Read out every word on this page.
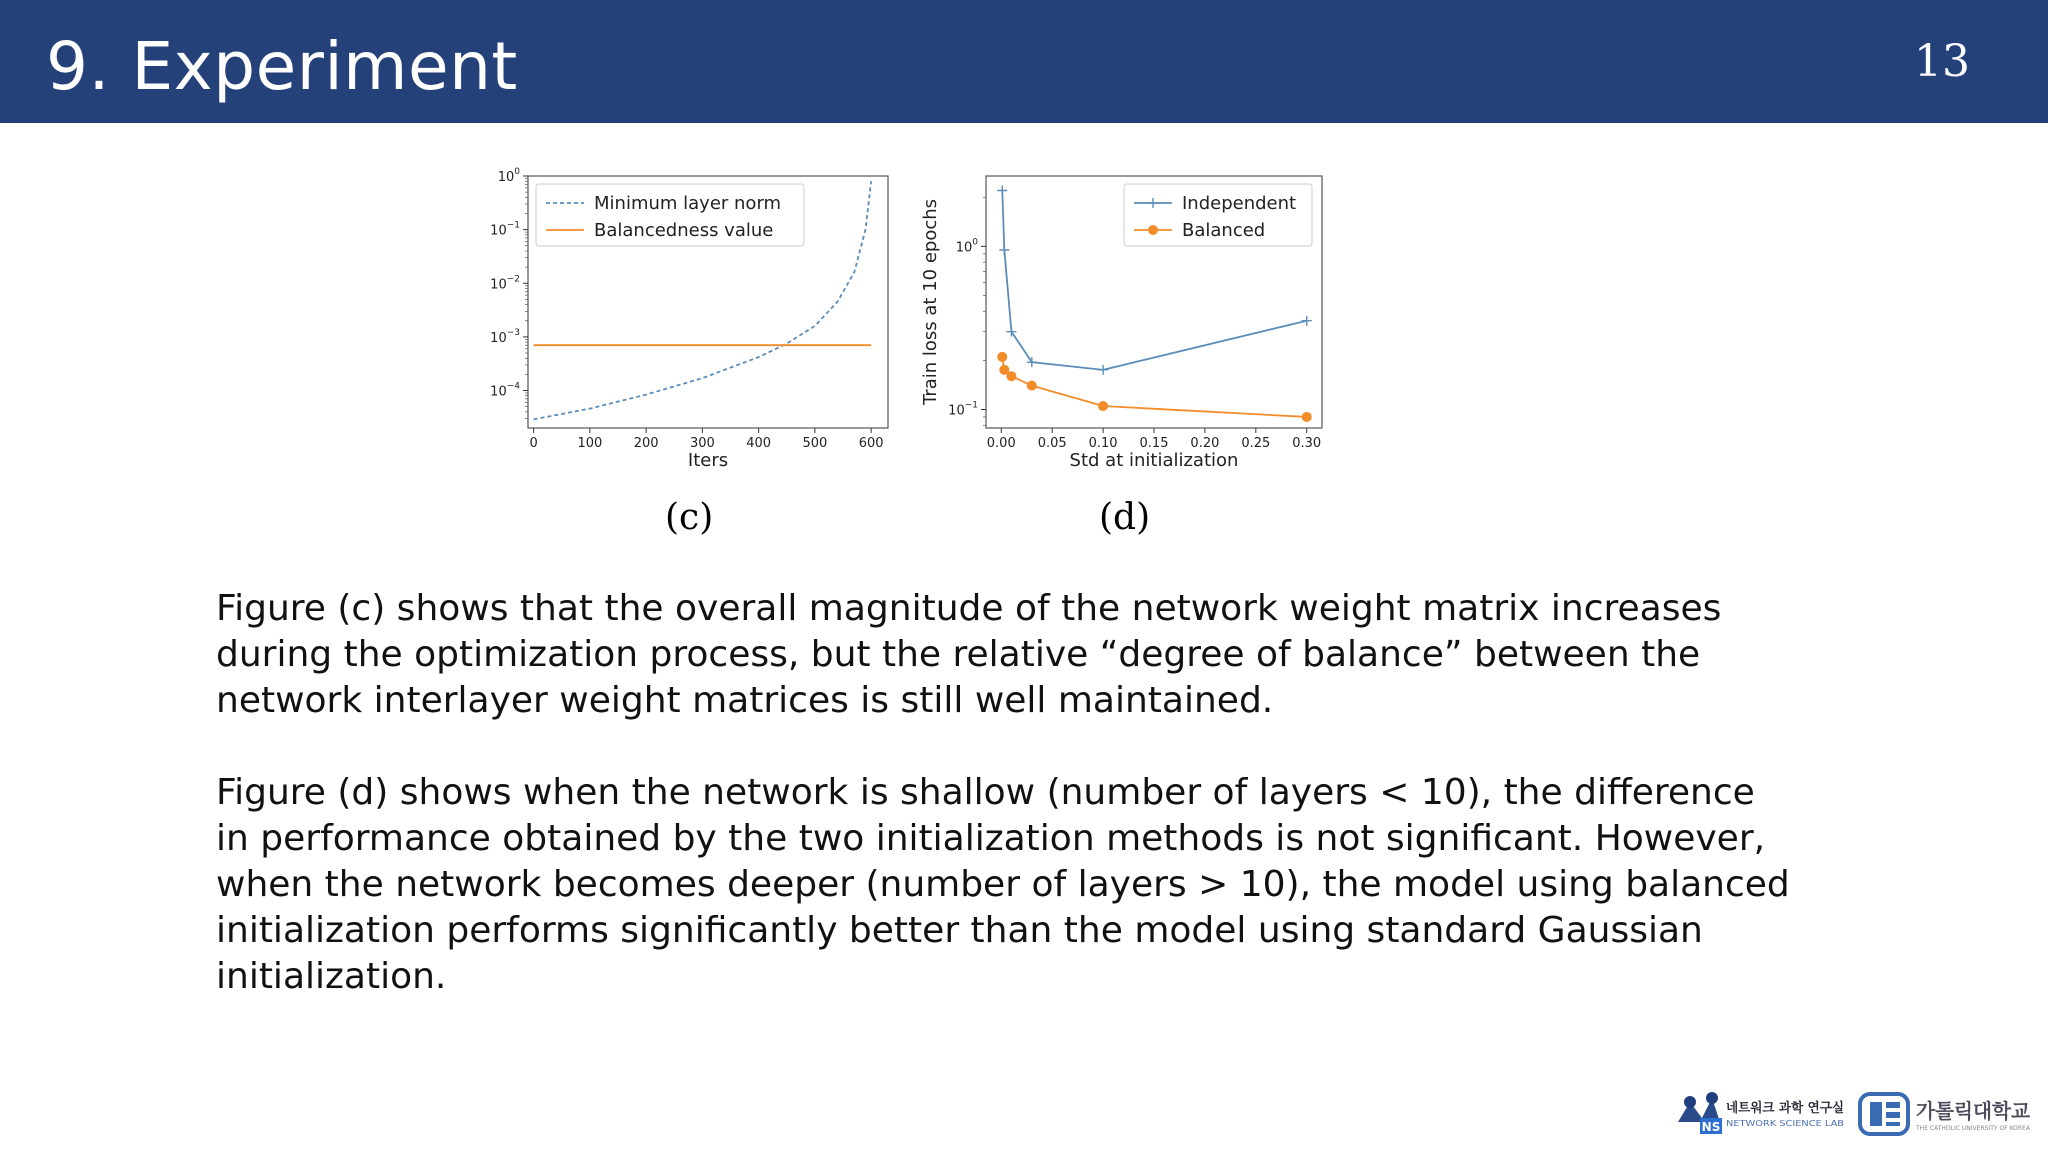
9. Experiment	13
0	100 200 300 400 500 600
$10^0$
$10^{-1}$
$10^{-2}$
$10^{-3}$
$10^{-4}$
Iters
Minimum layer norm
Balancedness value
0.00 0.05 0.10 0.15 0.20 0.25 0.30
$10^0$
$10^{-1}$
Std at initialization
Train loss at 10 epochs	Independent
Balanced
(c)	(d)
Figure (c) shows that the overall magnitude of the network weight matrix increases
during the optimization process, but the relative “degree of balance” between the
network interlayer weight matrices is still well maintained.
Figure (d) shows when the network is shallow (number of layers < 10), the difference
in performance obtained by the two initialization methods is not significant. However,
when the network becomes deeper (number of layers > 10), the model using balanced
initialization performs significantly better than the model using standard Gaussian
initialization.
NS
네트워크 과학 연구실
NETWORK SCIENCE LAB
가톨릭대학교
THE CATHOLIC UNIVERSITY OF KOREA
